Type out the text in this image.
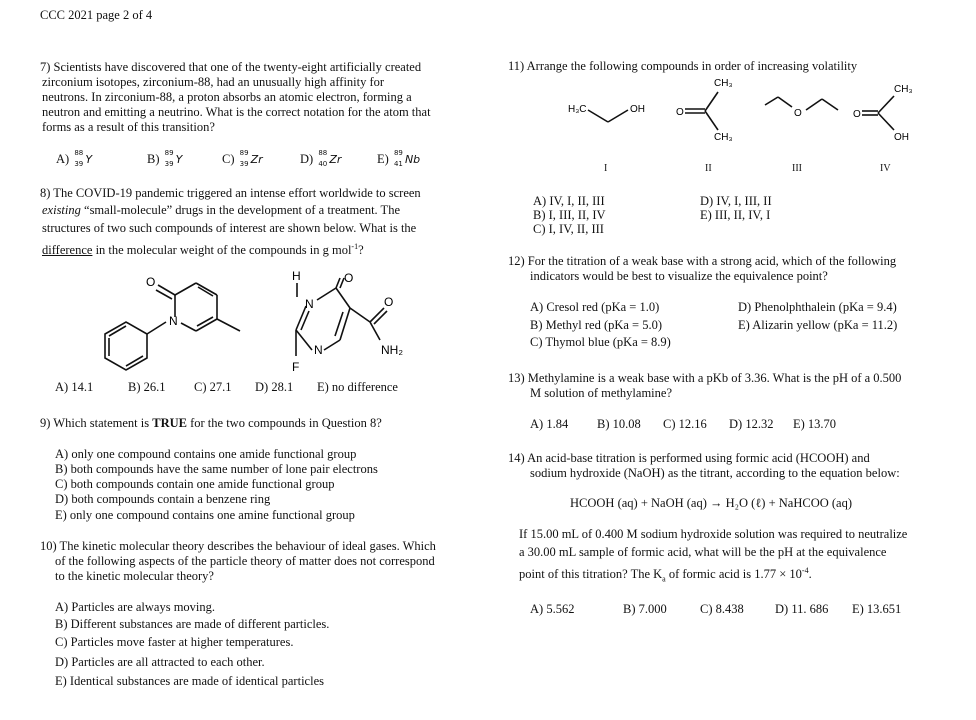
CCC 2021 page 2 of 4
7) Scientists have discovered that one of the twenty-eight artificially created
zirconium isotopes, zirconium-88, had an unusually high affinity for
neutrons. In zirconium-88, a proton absorbs an atomic electron, forming a
neutron and emitting a neutrino. What is the correct notation for the atom that
forms as a result of this transition?
A) 88
39 Y	B) 89
39 Y	C) 89
39 Zr	D) 88
40 Zr	E) 89
41 Nb
8) The COVID-19 pandemic triggered an intense effort worldwide to screen
existing “small-molecule” drugs in the development of a treatment. The
structures of two such compounds of interest are shown below. What is the
difference in the molecular weight of the compounds in g mol$^{-1}$?
O
N
H
N
O
O
N	NH₂
F
A) 14.1	B) 26.1 C) 27.1 D) 28.1 E) no difference
9) Which statement is TRUE for the two compounds in Question 8?
A) only one compound contains one amide functional group
B) both compounds have the same number of lone pair electrons
C) both compounds contain one amide functional group
D) both compounds contain a benzene ring
E) only one compound contains one amine functional group
10) The kinetic molecular theory describes the behaviour of ideal gases. Which
of the following aspects of the particle theory of matter does not correspond
to the kinetic molecular theory?
A) Particles are always moving.
B) Different substances are made of different particles.
C) Particles move faster at higher temperatures.
D) Particles are all attracted to each other.
E) Identical substances are made of identical particles
11) Arrange the following compounds in order of increasing volatility
H₃C	OH	O
CH₃
CH₃
O	O
CH₃
OH
I	II	III	IV
A) IV, I, II, III
B) I, III, II, IV
C) I, IV, II, III
D) IV, I, III, II
E) III, II, IV, I
12) For the titration of a weak base with a strong acid, which of the following
indicators would be best to visualize the equivalence point?
A) Cresol red (pKa = 1.0)
B) Methyl red (pKa = 5.0)
C) Thymol blue (pKa = 8.9)
D) Phenolphthalein (pKa = 9.4)
E) Alizarin yellow (pKa = 11.2)
13) Methylamine is a weak base with a pKb of 3.36. What is the pH of a 0.500
M solution of methylamine?
A) 1.84 B) 10.08 C) 12.16 D) 12.32 E) 13.70
14) An acid-base titration is performed using formic acid (HCOOH) and
sodium hydroxide (NaOH) as the titrant, according to the equation below:
HCOOH (aq) + NaOH (aq) → H₂O (ℓ) + NaHCOO (aq)
If 15.00 mL of 0.400 M sodium hydroxide solution was required to neutralize
a 30.00 mL sample of formic acid, what will be the pH at the equivalence
point of this titration? The $K_a$ of formic acid is $1.77 \times 10^{-4}$.
A) 5.562	B) 7.000	C) 8.438	D) 11. 686 E) 13.651
